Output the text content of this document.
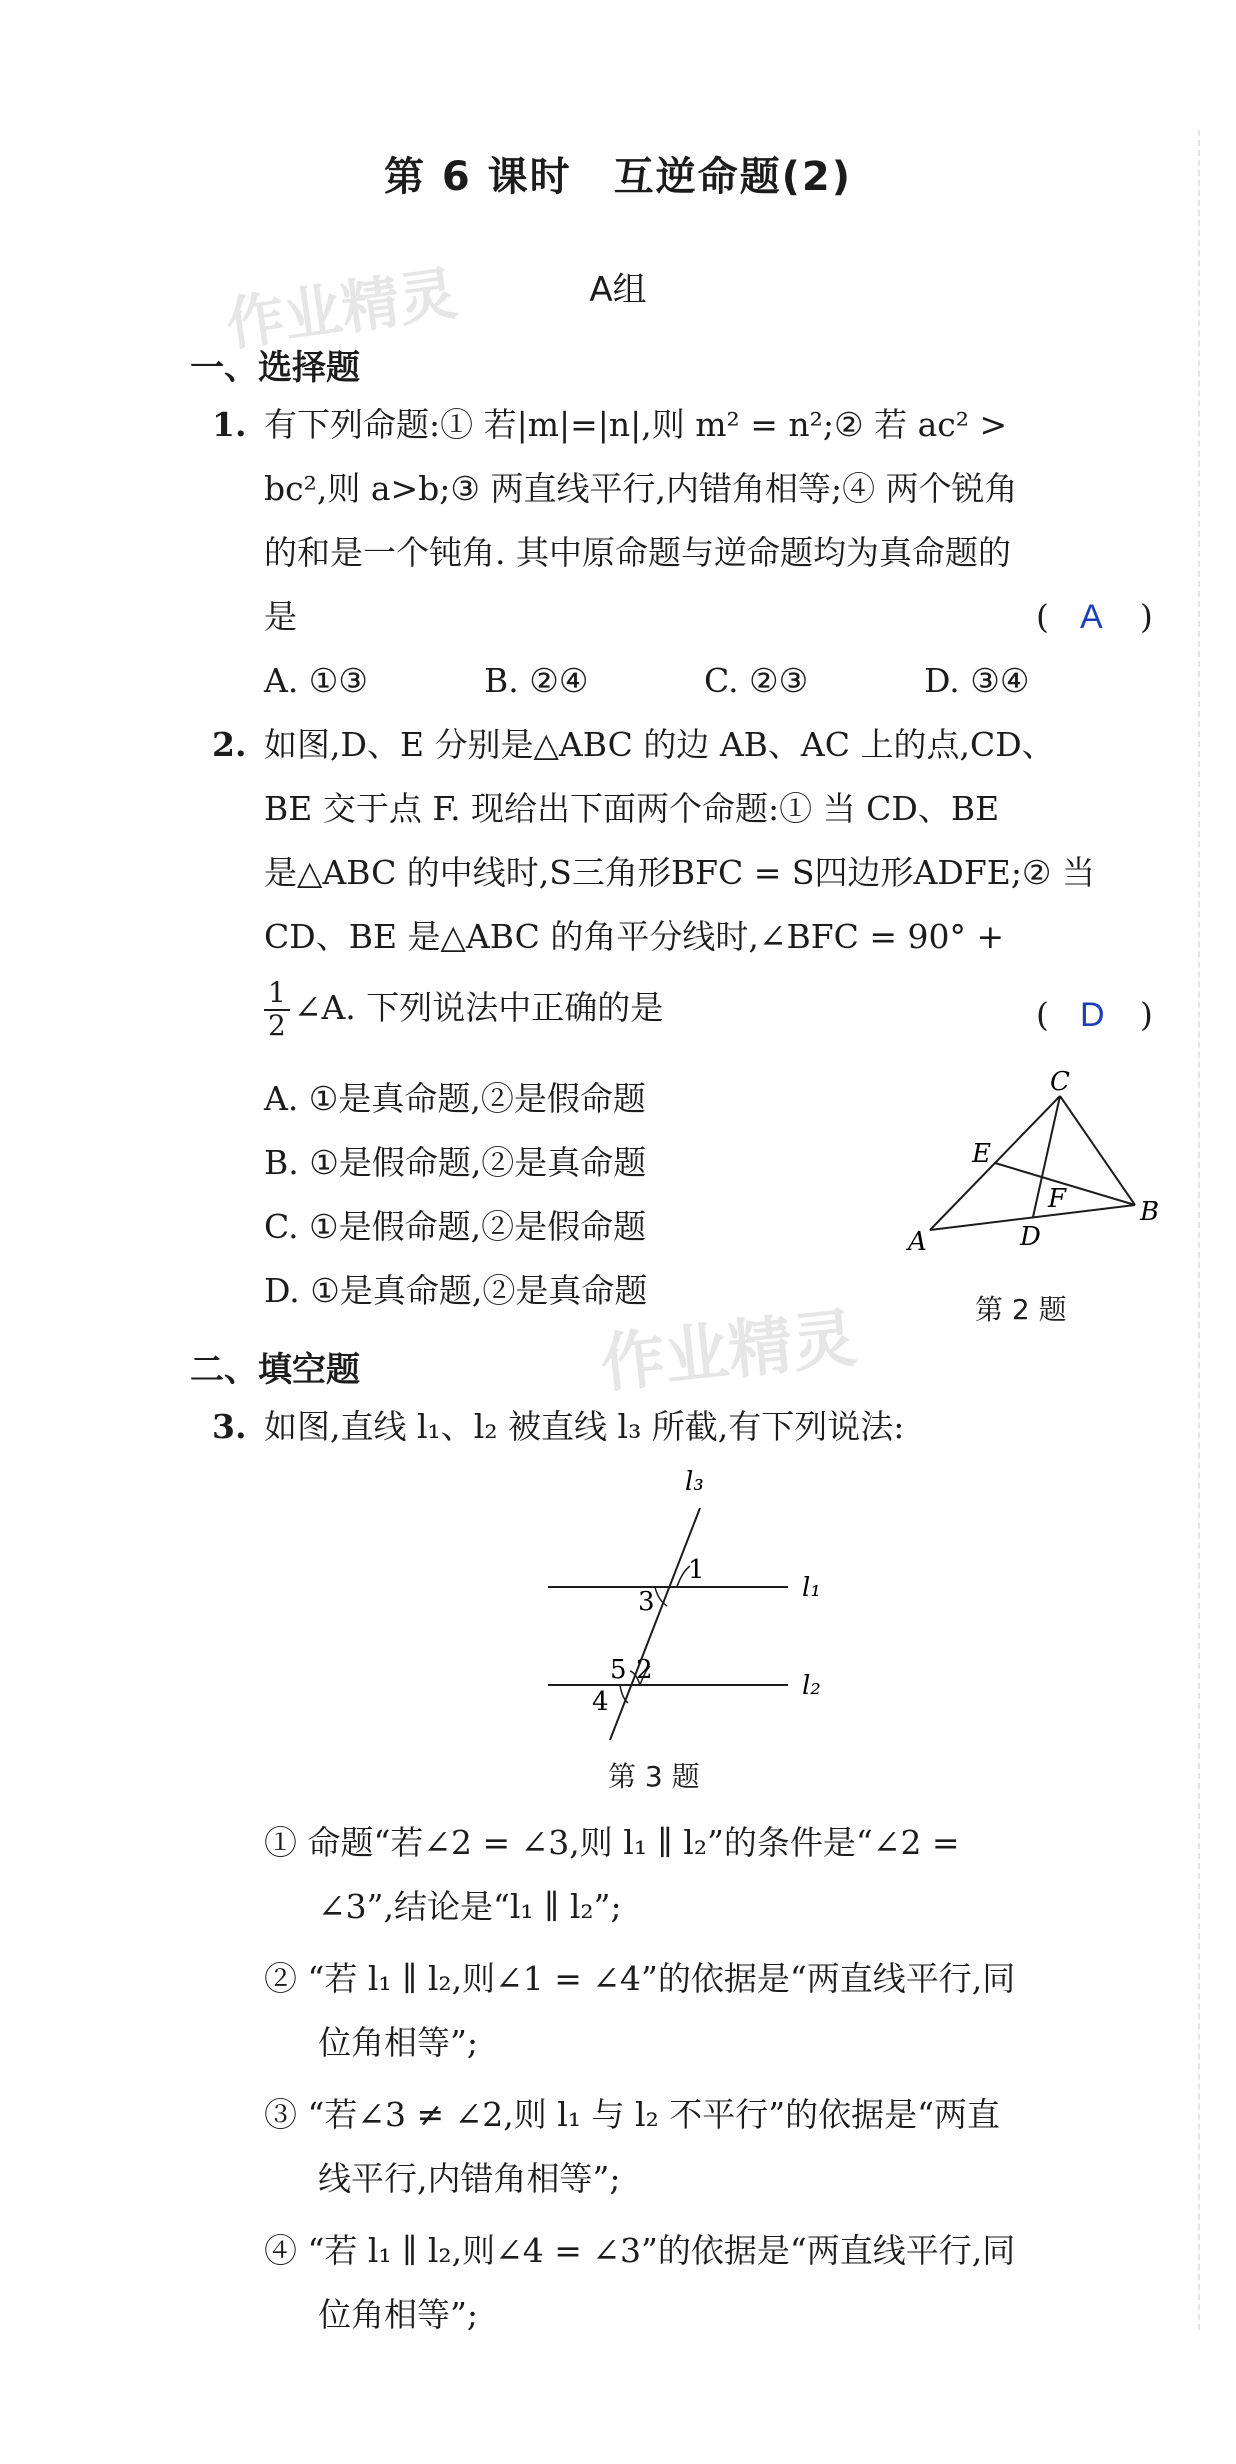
作业精灵
作业精灵
第 6 课时　互逆命题(2)
A组
一、选择题
1. 有下列命题:① 若|m|=|n|,则 m² = n²;② 若 ac² >
bc²,则 a>b;③ 两直线平行,内错角相等;④ 两个锐角
的和是一个钝角. 其中原命题与逆命题均为真命题的
是	( A )
A. ①③	B. ②④	C. ②③	D. ③④
2. 如图,D、E 分别是△ABC 的边 AB、AC 上的点,CD、
BE 交于点 F. 现给出下面两个命题:① 当 CD、BE
是△ABC 的中线时,S三角形BFC = S四边形ADFE;② 当
CD、BE 是△ABC 的角平分线时,∠BFC = 90° +
$\frac{1}{2}$ ∠A. 下列说法中正确的是	( D )
A. ①是真命题,②是假命题
B. ①是假命题,②是真命题
C. ①是假命题,②是假命题
D. ①是真命题,②是真命题
C
B
A	D
E
F
第 2 题
二、填空题
3. 如图,直线 l₁、l₂ 被直线 l₃ 所截,有下列说法:
l₃
l₁
l₂
1
3
5 2
4
第 3 题
① 命题“若∠2 = ∠3,则 l₁ ∥ l₂”的条件是“∠2 =
∠3”,结论是“l₁ ∥ l₂”;
② “若 l₁ ∥ l₂,则∠1 = ∠4”的依据是“两直线平行,同
位角相等”;
③ “若∠3 ≠ ∠2,则 l₁ 与 l₂ 不平行”的依据是“两直
线平行,内错角相等”;
④ “若 l₁ ∥ l₂,则∠4 = ∠3”的依据是“两直线平行,同
位角相等”;
